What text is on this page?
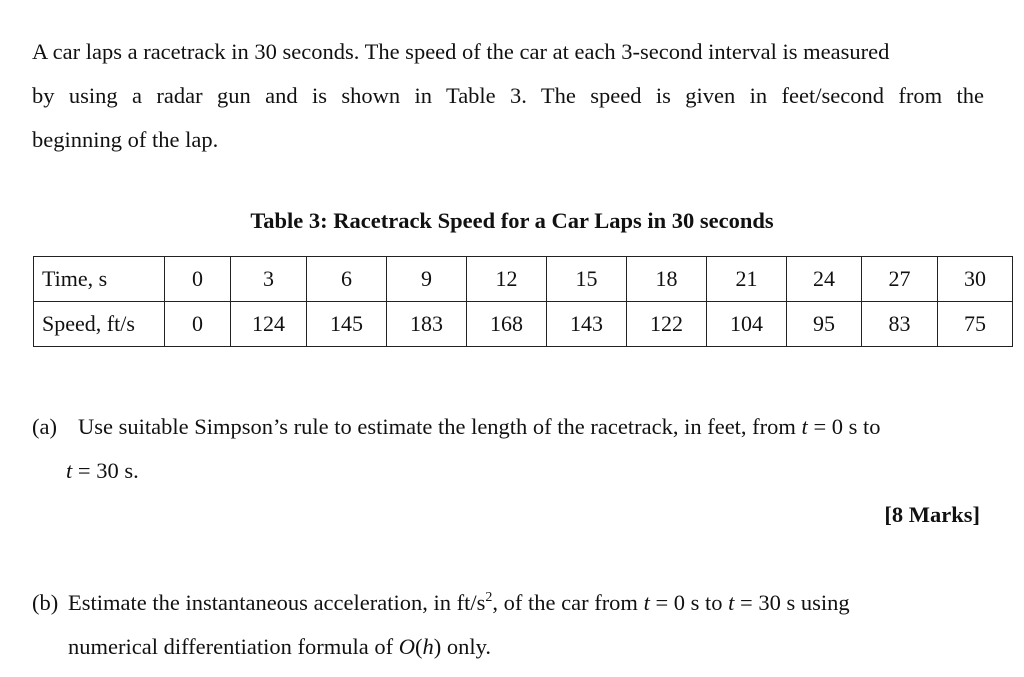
A car laps a racetrack in 30 seconds. The speed of the car at each 3-second interval is measured
by using a radar gun and is shown in Table 3. The speed is given in feet/second from the
beginning of the lap.
Table 3: Racetrack Speed for a Car Laps in 30 seconds
Time, s	0	3	6	9	12	15	18	21	24	27	30
Speed, ft/s	0	124	145	183	168	143	122	104	95	83	75
(a) Use suitable Simpson’s rule to estimate the length of the racetrack, in feet, from t = 0 s to
t = 30 s.
[8 Marks]
(b) Estimate the instantaneous acceleration, in $ft/s^2$, of the car from t = 0 s to t = 30 s using
numerical differentiation formula of O(h) only.
